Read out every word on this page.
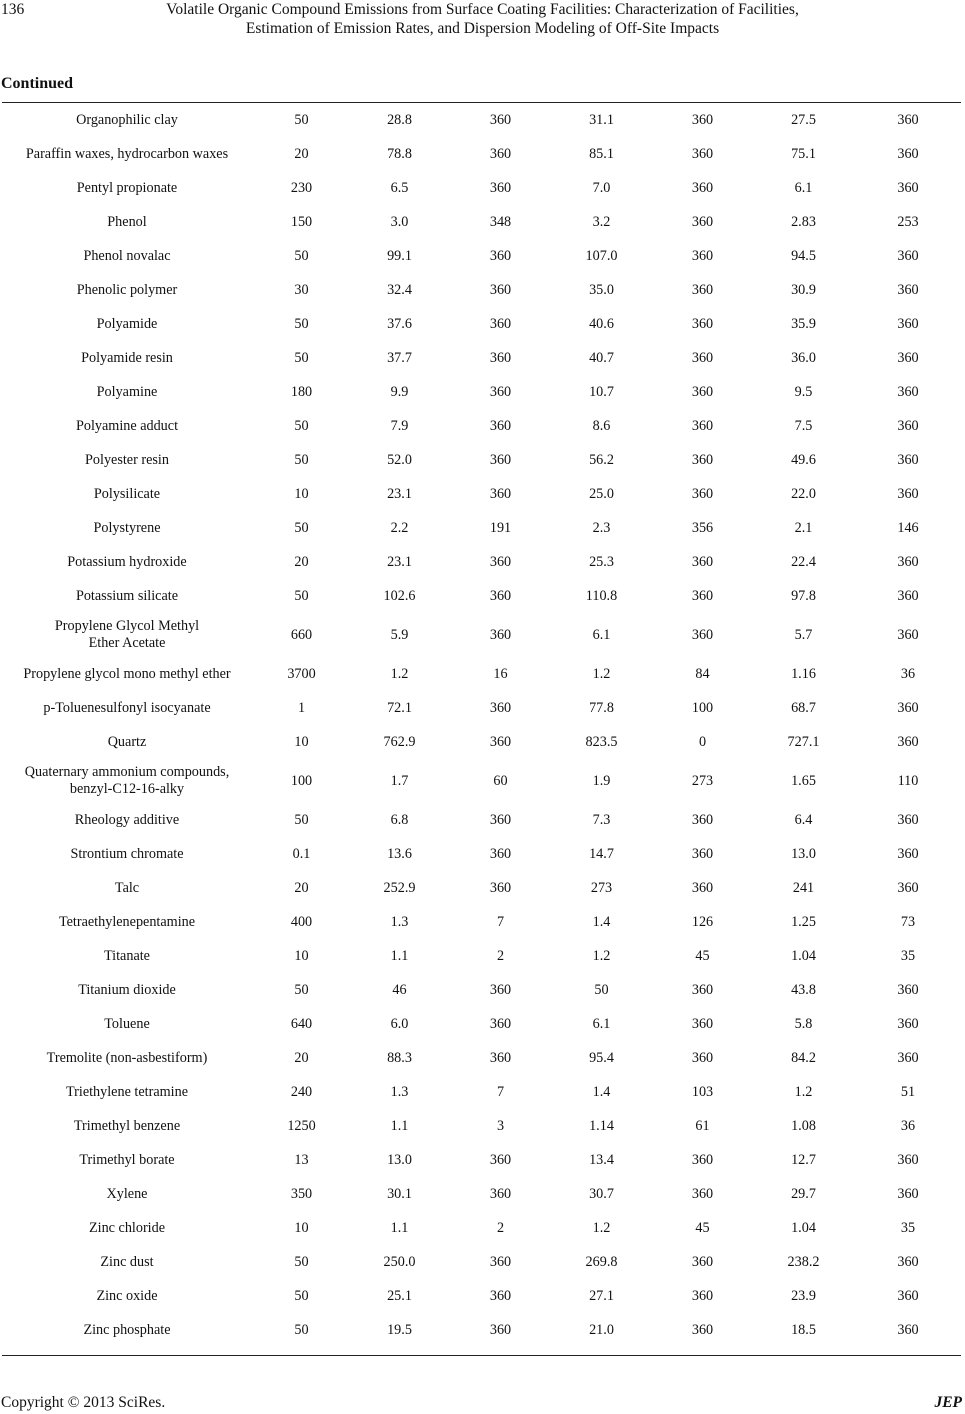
136	Volatile Organic Compound Emissions from Surface Coating Facilities: Characterization of Facilities,
Estimation of Emission Rates, and Dispersion Modeling of Off-Site Impacts
Continued
Organophilic clay	50	28.8	360	31.1	360	27.5	360
Paraffin waxes, hydrocarbon waxes	20	78.8	360	85.1	360	75.1	360
Pentyl propionate	230	6.5	360	7.0	360	6.1	360
Phenol	150	3.0	348	3.2	360	2.83	253
Phenol novalac	50	99.1	360	107.0	360	94.5	360
Phenolic polymer	30	32.4	360	35.0	360	30.9	360
Polyamide	50	37.6	360	40.6	360	35.9	360
Polyamide resin	50	37.7	360	40.7	360	36.0	360
Polyamine	180	9.9	360	10.7	360	9.5	360
Polyamine adduct	50	7.9	360	8.6	360	7.5	360
Polyester resin	50	52.0	360	56.2	360	49.6	360
Polysilicate	10	23.1	360	25.0	360	22.0	360
Polystyrene	50	2.2	191	2.3	356	2.1	146
Potassium hydroxide	20	23.1	360	25.3	360	22.4	360
Potassium silicate	50	102.6	360	110.8	360	97.8	360
Propylene Glycol Methyl
Ether Acetate	660	5.9	360	6.1	360	5.7	360
Propylene glycol mono methyl ether	3700	1.2	16	1.2	84	1.16	36
p-Toluenesulfonyl isocyanate	1	72.1	360	77.8	100	68.7	360
Quartz	10	762.9	360	823.5	0	727.1	360
Quaternary ammonium compounds,
benzyl-C12-16-alky	100	1.7	60	1.9	273	1.65	110
Rheology additive	50	6.8	360	7.3	360	6.4	360
Strontium chromate	0.1	13.6	360	14.7	360	13.0	360
Talc	20	252.9	360	273	360	241	360
Tetraethylenepentamine	400	1.3	7	1.4	126	1.25	73
Titanate	10	1.1	2	1.2	45	1.04	35
Titanium dioxide	50	46	360	50	360	43.8	360
Toluene	640	6.0	360	6.1	360	5.8	360
Tremolite (non-asbestiform)	20	88.3	360	95.4	360	84.2	360
Triethylene tetramine	240	1.3	7	1.4	103	1.2	51
Trimethyl benzene	1250	1.1	3	1.14	61	1.08	36
Trimethyl borate	13	13.0	360	13.4	360	12.7	360
Xylene	350	30.1	360	30.7	360	29.7	360
Zinc chloride	10	1.1	2	1.2	45	1.04	35
Zinc dust	50	250.0	360	269.8	360	238.2	360
Zinc oxide	50	25.1	360	27.1	360	23.9	360
Zinc phosphate	50	19.5	360	21.0	360	18.5	360
Copyright © 2013 SciRes.	JEP
